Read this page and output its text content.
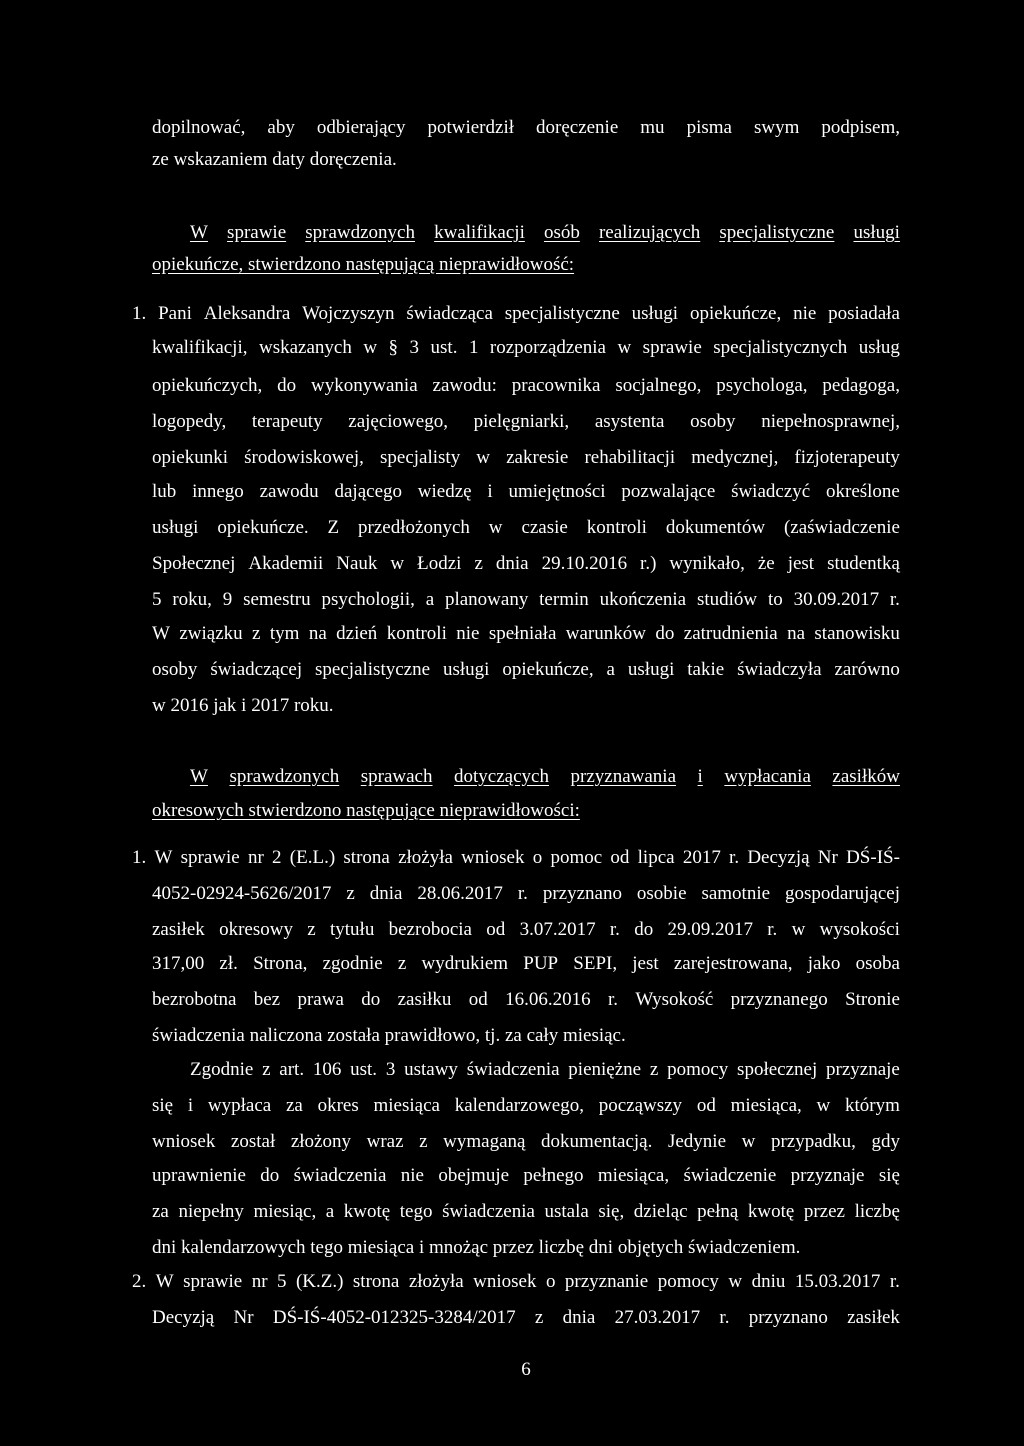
dopilnować, aby odbierający potwierdził doręczenie mu pisma swym podpisem,
ze wskazaniem daty doręczenia.
W sprawie sprawdzonych kwalifikacji osób realizujących specjalistyczne usługi
opiekuńcze, stwierdzono następującą nieprawidłowość:
1. Pani Aleksandra Wojczyszyn świadcząca specjalistyczne usługi opiekuńcze, nie posiadała
kwalifikacji, wskazanych w § 3 ust. 1 rozporządzenia w sprawie specjalistycznych usług
opiekuńczych, do wykonywania zawodu: pracownika socjalnego, psychologa, pedagoga,
logopedy, terapeuty zajęciowego, pielęgniarki, asystenta osoby niepełnosprawnej,
opiekunki środowiskowej, specjalisty w zakresie rehabilitacji medycznej, fizjoterapeuty
lub innego zawodu dającego wiedzę i umiejętności pozwalające świadczyć określone
usługi opiekuńcze. Z przedłożonych w czasie kontroli dokumentów (zaświadczenie
Społecznej Akademii Nauk w Łodzi z dnia 29.10.2016 r.) wynikało, że jest studentką
5 roku, 9 semestru psychologii, a planowany termin ukończenia studiów to 30.09.2017 r.
W związku z tym na dzień kontroli nie spełniała warunków do zatrudnienia na stanowisku
osoby świadczącej specjalistyczne usługi opiekuńcze, a usługi takie świadczyła zarówno
w 2016 jak i 2017 roku.
W sprawdzonych sprawach dotyczących przyznawania i wypłacania zasiłków
okresowych stwierdzono następujące nieprawidłowości:
1. W sprawie nr 2 (E.L.) strona złożyła wniosek o pomoc od lipca 2017 r. Decyzją Nr DŚ-IŚ-
4052-02924-5626/2017 z dnia 28.06.2017 r. przyznano osobie samotnie gospodarującej
zasiłek okresowy z tytułu bezrobocia od 3.07.2017 r. do 29.09.2017 r. w wysokości
317,00 zł. Strona, zgodnie z wydrukiem PUP SEPI, jest zarejestrowana, jako osoba
bezrobotna bez prawa do zasiłku od 16.06.2016 r. Wysokość przyznanego Stronie
świadczenia naliczona została prawidłowo, tj. za cały miesiąc.
Zgodnie z art. 106 ust. 3 ustawy świadczenia pieniężne z pomocy społecznej przyznaje
się i wypłaca za okres miesiąca kalendarzowego, począwszy od miesiąca, w którym
wniosek został złożony wraz z wymaganą dokumentacją. Jedynie w przypadku, gdy
uprawnienie do świadczenia nie obejmuje pełnego miesiąca, świadczenie przyznaje się
za niepełny miesiąc, a kwotę tego świadczenia ustala się, dzieląc pełną kwotę przez liczbę
dni kalendarzowych tego miesiąca i mnożąc przez liczbę dni objętych świadczeniem.
2. W sprawie nr 5 (K.Z.) strona złożyła wniosek o przyznanie pomocy w dniu 15.03.2017 r.
Decyzją Nr DŚ-IŚ-4052-012325-3284/2017 z dnia 27.03.2017 r. przyznano zasiłek
6
